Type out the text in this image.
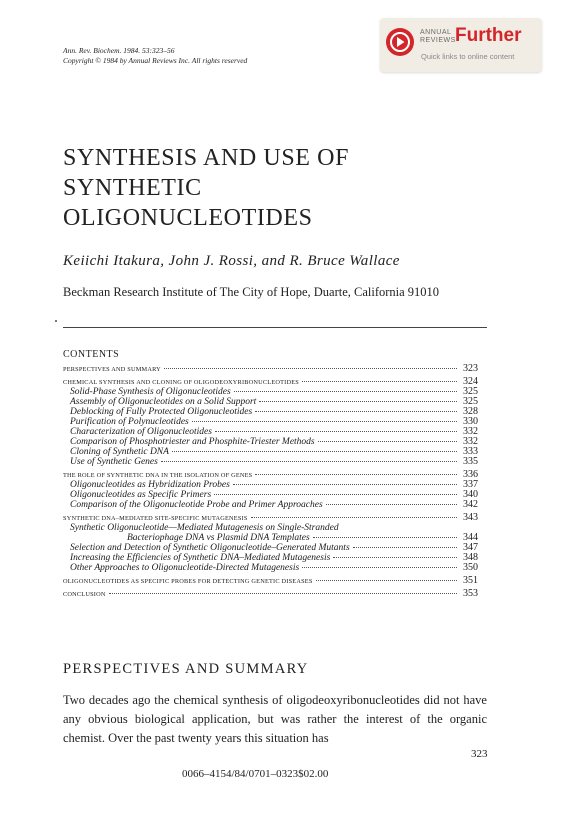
Ann. Rev. Biochem. 1984. 53:323–56
Copyright © 1984 by Annual Reviews Inc. All rights reserved
ANNUAL
REVIEWS Further
Quick links to online content
SYNTHESIS AND USE OF
SYNTHETIC
OLIGONUCLEOTIDES
Keiichi Itakura, John J. Rossi, and R. Bruce Wallace
Beckman Research Institute of The City of Hope, Duarte, California 91010
CONTENTS
PERSPECTIVES AND SUMMARY	323
CHEMICAL SYNTHESIS AND CLONING OF OLIGODEOXYRIBONUCLEOTIDES	324
Solid-Phase Synthesis of Oligonucleotides	325
Assembly of Oligonucleotides on a Solid Support	325
Deblocking of Fully Protected Oligonucleotides	328
Purification of Polynucleotides	330
Characterization of Oligonucleotides	332
Comparison of Phosphotriester and Phosphite-Triester Methods	332
Cloning of Synthetic DNA	333
Use of Synthetic Genes	335
THE ROLE OF SYNTHETIC DNA IN THE ISOLATION OF GENES	336
Oligonucleotides as Hybridization Probes	337
Oligonucleotides as Specific Primers	340
Comparison of the Oligonucleotide Probe and Primer Approaches	342
SYNTHETIC DNA–MEDIATED SITE-SPECIFIC MUTAGENESIS	343
Synthetic Oligonucleotide—Mediated Mutagenesis on Single-Stranded
Bacteriophage DNA vs Plasmid DNA Templates	344
Selection and Detection of Synthetic Oligonucleotide–Generated Mutants	347
Increasing the Efficiencies of Synthetic DNA–Mediated Mutagenesis	348
Other Approaches to Oligonucleotide-Directed Mutagenesis	350
OLIGONUCLEOTIDES AS SPECIFIC PROBES FOR DETECTING GENETIC DISEASES	351
CONCLUSION	353
PERSPECTIVES AND SUMMARY
Two decades ago the chemical synthesis of oligodeoxyribonucleotides did not have any obvious biological application, but was rather the interest of the organic chemist. Over the past twenty years this situation has
323
0066–4154/84/0701–0323$02.00
